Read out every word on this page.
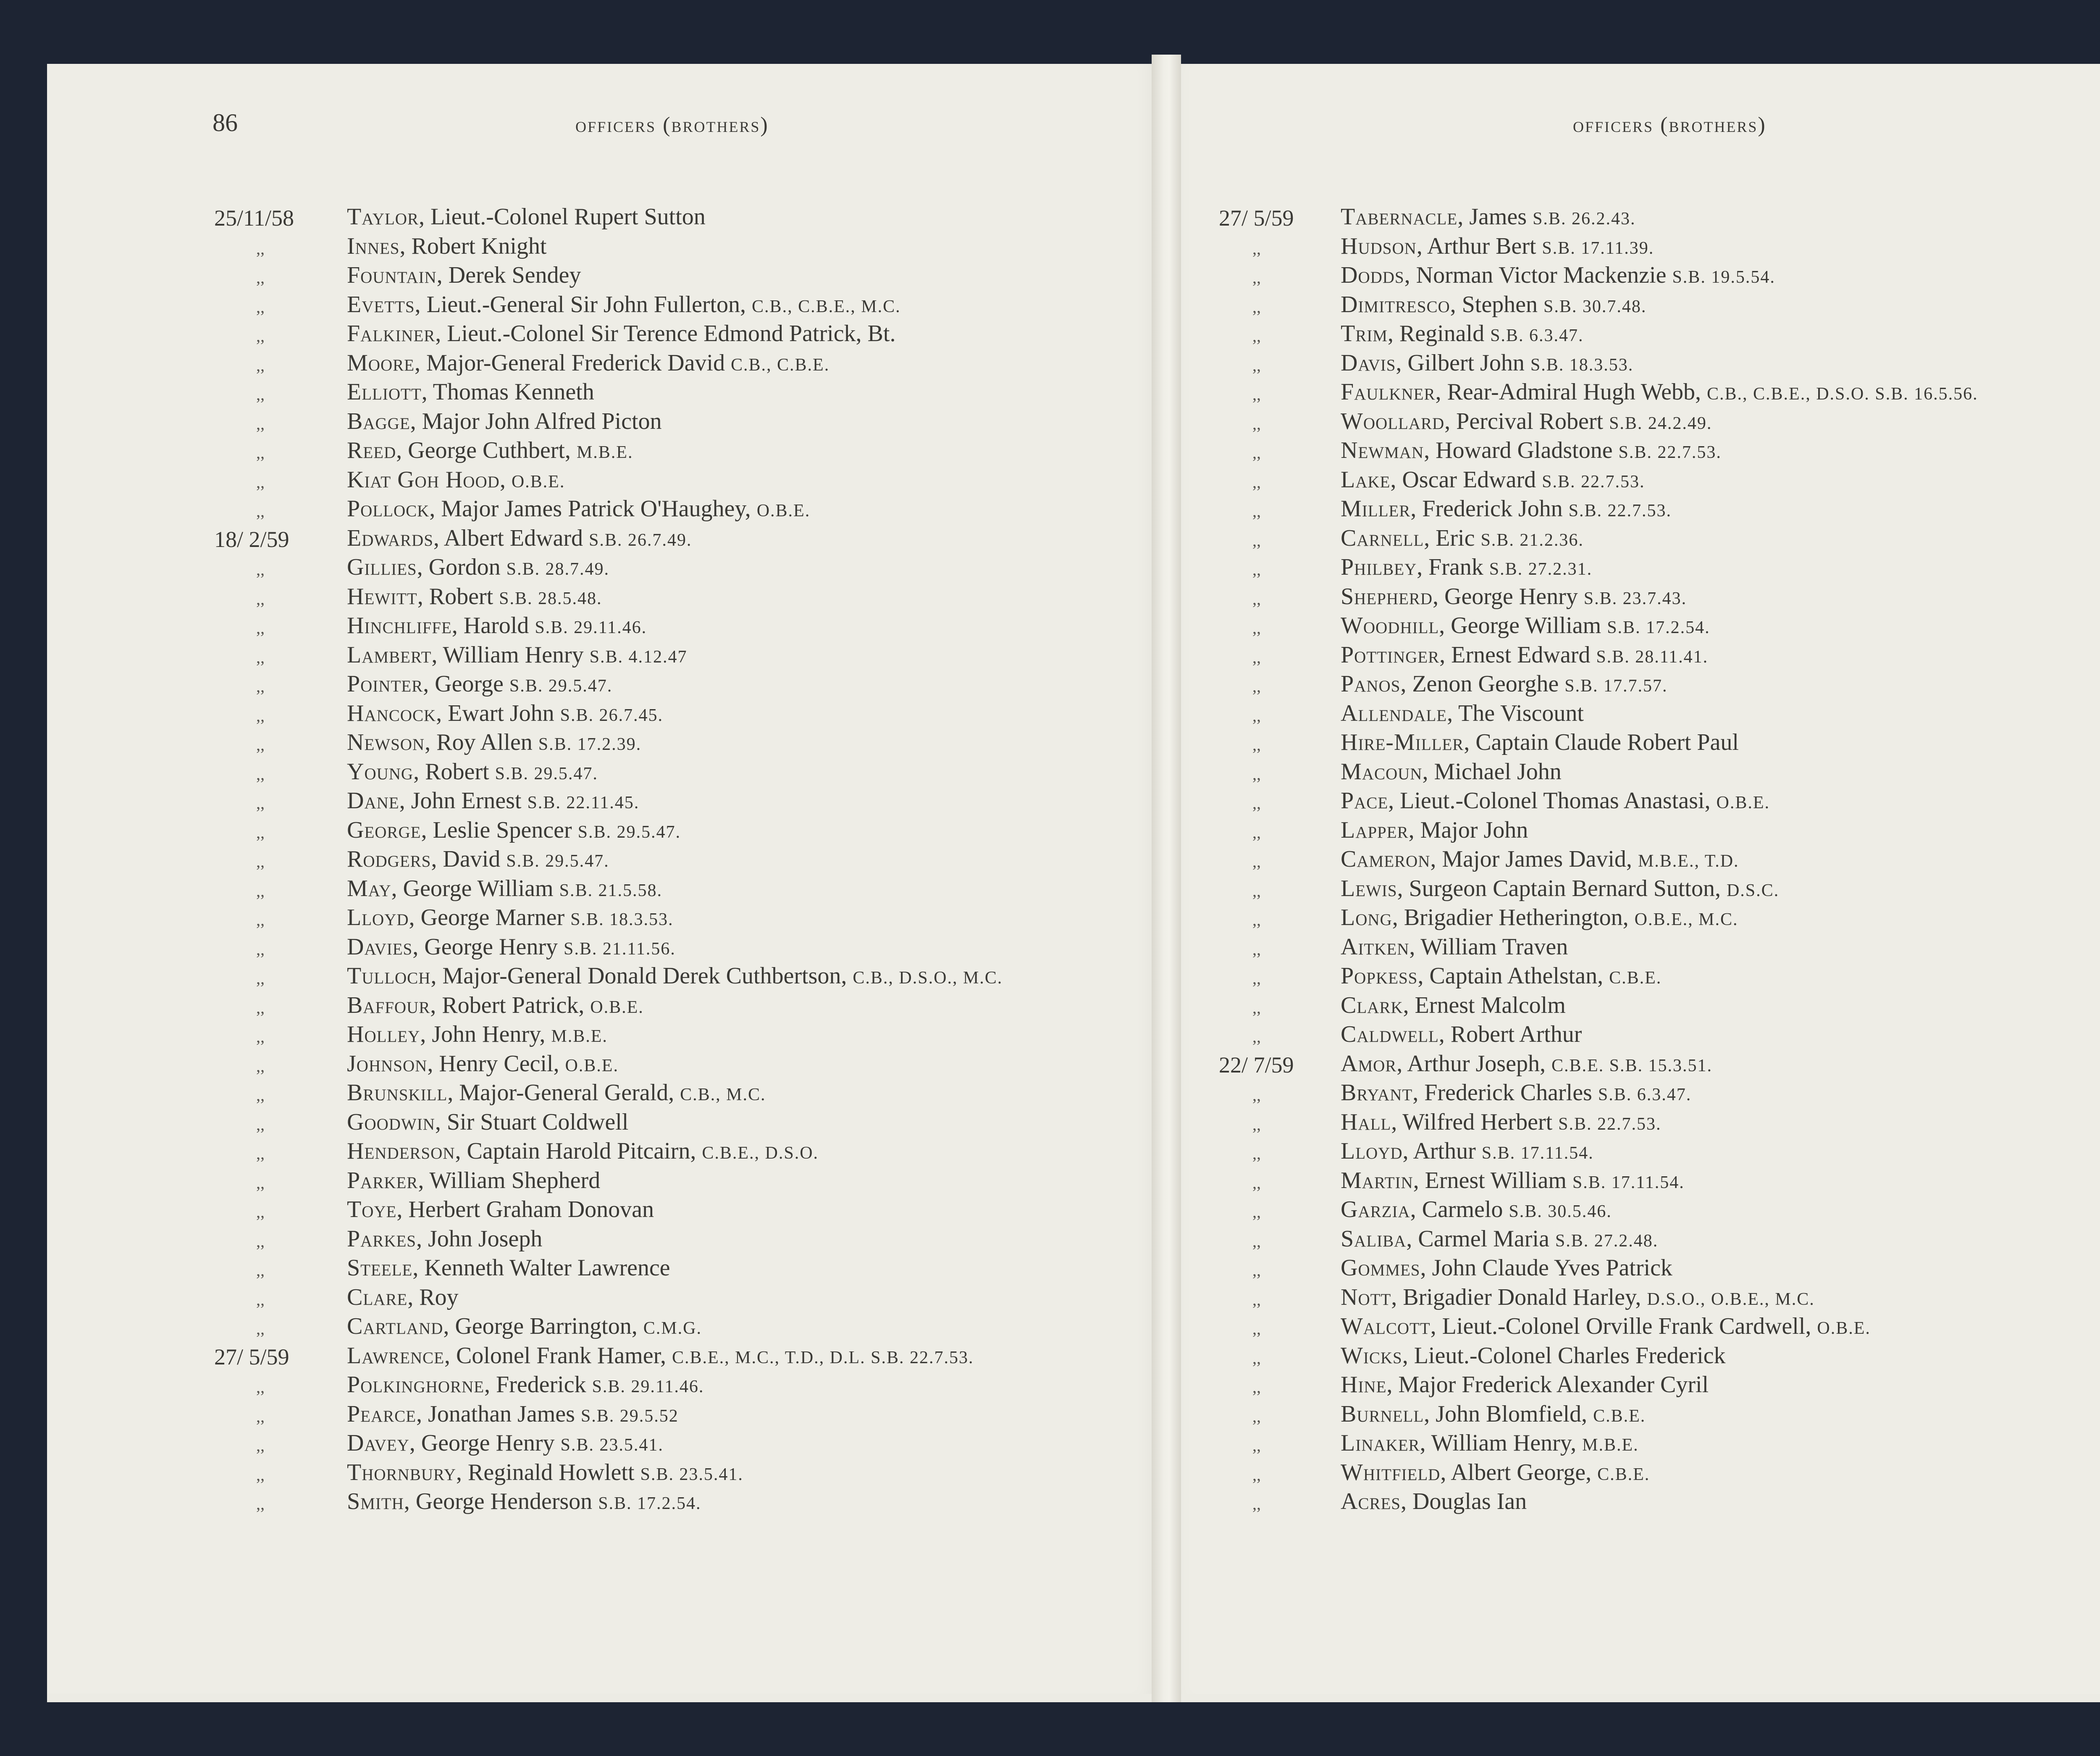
86	officers (brothers)	officers (brothers)
25/11/58 Taylor, Lieut.-Colonel Rupert Sutton
,,	Innes, Robert Knight
,,	Fountain, Derek Sendey
,,	Evetts, Lieut.-General Sir John Fullerton, C.B., C.B.E., M.C.
,,	Falkiner, Lieut.-Colonel Sir Terence Edmond Patrick, Bt.
,,	Moore, Major-General Frederick David C.B., C.B.E.
,,	Elliott, Thomas Kenneth
,,	Bagge, Major John Alfred Picton
,,	Reed, George Cuthbert, M.B.E.
,,	Kiat Goh Hood, O.B.E.
,,	Pollock, Major James Patrick O'Haughey, O.B.E.
18/ 2/59 Edwards, Albert Edward S.B. 26.7.49.
,,	Gillies, Gordon S.B. 28.7.49.
,,	Hewitt, Robert S.B. 28.5.48.
,,	Hinchliffe, Harold S.B. 29.11.46.
,,	Lambert, William Henry S.B. 4.12.47
,,	Pointer, George S.B. 29.5.47.
,,	Hancock, Ewart John S.B. 26.7.45.
,,	Newson, Roy Allen S.B. 17.2.39.
,,	Young, Robert S.B. 29.5.47.
,,	Dane, John Ernest S.B. 22.11.45.
,,	George, Leslie Spencer S.B. 29.5.47.
,,	Rodgers, David S.B. 29.5.47.
,,	May, George William S.B. 21.5.58.
,,	Lloyd, George Marner S.B. 18.3.53.
,,	Davies, George Henry S.B. 21.11.56.
,,	Tulloch, Major-General Donald Derek Cuthbertson, C.B., D.S.O., M.C.
,,	Baffour, Robert Patrick, O.B.E.
,,	Holley, John Henry, M.B.E.
,,	Johnson, Henry Cecil, O.B.E.
,,	Brunskill, Major-General Gerald, C.B., M.C.
,,	Goodwin, Sir Stuart Coldwell
,,	Henderson, Captain Harold Pitcairn, C.B.E., D.S.O.
,,	Parker, William Shepherd
,,	Toye, Herbert Graham Donovan
,,	Parkes, John Joseph
,,	Steele, Kenneth Walter Lawrence
,,	Clare, Roy
,,	Cartland, George Barrington, C.M.G.
27/ 5/59 Lawrence, Colonel Frank Hamer, C.B.E., M.C., T.D., D.L. S.B. 22.7.53.
,,	Polkinghorne, Frederick S.B. 29.11.46.
,,	Pearce, Jonathan James S.B. 29.5.52
,,	Davey, George Henry S.B. 23.5.41.
,,	Thornbury, Reginald Howlett S.B. 23.5.41.
,,	Smith, George Henderson S.B. 17.2.54.
27/ 5/59 Tabernacle, James S.B. 26.2.43.
,,	Hudson, Arthur Bert S.B. 17.11.39.
,,	Dodds, Norman Victor Mackenzie S.B. 19.5.54.
,,	Dimitresco, Stephen S.B. 30.7.48.
,,	Trim, Reginald S.B. 6.3.47.
,,	Davis, Gilbert John S.B. 18.3.53.
,,	Faulkner, Rear-Admiral Hugh Webb, C.B., C.B.E., D.S.O. S.B. 16.5.56.
,,	Woollard, Percival Robert S.B. 24.2.49.
,,	Newman, Howard Gladstone S.B. 22.7.53.
,,	Lake, Oscar Edward S.B. 22.7.53.
,,	Miller, Frederick John S.B. 22.7.53.
,,	Carnell, Eric S.B. 21.2.36.
,,	Philbey, Frank S.B. 27.2.31.
,,	Shepherd, George Henry S.B. 23.7.43.
,,	Woodhill, George William S.B. 17.2.54.
,,	Pottinger, Ernest Edward S.B. 28.11.41.
,,	Panos, Zenon Georghe S.B. 17.7.57.
,,	Allendale, The Viscount
,,	Hire-Miller, Captain Claude Robert Paul
,,	Macoun, Michael John
,,	Pace, Lieut.-Colonel Thomas Anastasi, O.B.E.
,,	Lapper, Major John
,,	Cameron, Major James David, M.B.E., T.D.
,,	Lewis, Surgeon Captain Bernard Sutton, D.S.C.
,,	Long, Brigadier Hetherington, O.B.E., M.C.
,,	Aitken, William Traven
,,	Popkess, Captain Athelstan, C.B.E.
,,	Clark, Ernest Malcolm
,,	Caldwell, Robert Arthur
22/ 7/59 Amor, Arthur Joseph, C.B.E. S.B. 15.3.51.
,,	Bryant, Frederick Charles S.B. 6.3.47.
,,	Hall, Wilfred Herbert S.B. 22.7.53.
,,	Lloyd, Arthur S.B. 17.11.54.
,,	Martin, Ernest William S.B. 17.11.54.
,,	Garzia, Carmelo S.B. 30.5.46.
,,	Saliba, Carmel Maria S.B. 27.2.48.
,,	Gommes, John Claude Yves Patrick
,,	Nott, Brigadier Donald Harley, D.S.O., O.B.E., M.C.
,,	Walcott, Lieut.-Colonel Orville Frank Cardwell, O.B.E.
,,	Wicks, Lieut.-Colonel Charles Frederick
,,	Hine, Major Frederick Alexander Cyril
,,	Burnell, John Blomfield, C.B.E.
,,	Linaker, William Henry, M.B.E.
,,	Whitfield, Albert George, C.B.E.
,,	Acres, Douglas Ian
